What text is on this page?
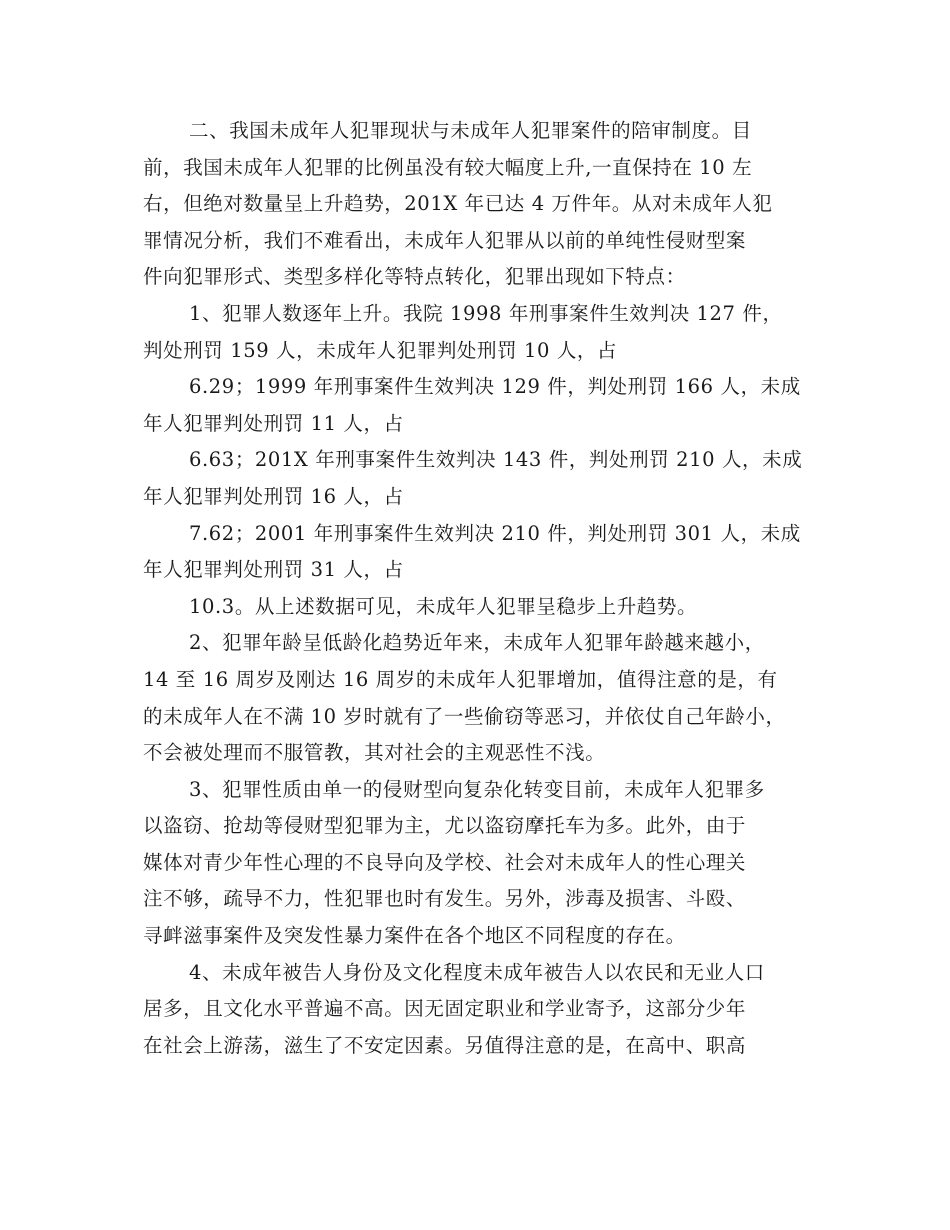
二、我国未成年人犯罪现状与未成年人犯罪案件的陪审制度。目
前，我国未成年人犯罪的比例虽没有较大幅度上升,一直保持在 10 左
右，但绝对数量呈上升趋势，201X 年已达 4 万件年。从对未成年人犯
罪情况分析，我们不难看出，未成年人犯罪从以前的单纯性侵财型案
件向犯罪形式、类型多样化等特点转化，犯罪出现如下特点：
1、犯罪人数逐年上升。我院 1998 年刑事案件生效判决 127 件，
判处刑罚 159 人，未成年人犯罪判处刑罚 10 人，占
6.29；1999 年刑事案件生效判决 129 件，判处刑罚 166 人，未成
年人犯罪判处刑罚 11 人，占
6.63；201X 年刑事案件生效判决 143 件，判处刑罚 210 人，未成
年人犯罪判处刑罚 16 人，占
7.62；2001 年刑事案件生效判决 210 件，判处刑罚 301 人，未成
年人犯罪判处刑罚 31 人，占
10.3。从上述数据可见，未成年人犯罪呈稳步上升趋势。
2、犯罪年龄呈低龄化趋势近年来，未成年人犯罪年龄越来越小，
14 至 16 周岁及刚达 16 周岁的未成年人犯罪增加，值得注意的是，有
的未成年人在不满 10 岁时就有了一些偷窃等恶习，并依仗自己年龄小，
不会被处理而不服管教，其对社会的主观恶性不浅。
3、犯罪性质由单一的侵财型向复杂化转变目前，未成年人犯罪多
以盗窃、抢劫等侵财型犯罪为主，尤以盗窃摩托车为多。此外，由于
媒体对青少年性心理的不良导向及学校、社会对未成年人的性心理关
注不够，疏导不力，性犯罪也时有发生。另外，涉毒及损害、斗殴、
寻衅滋事案件及突发性暴力案件在各个地区不同程度的存在。
4、未成年被告人身份及文化程度未成年被告人以农民和无业人口
居多，且文化水平普遍不高。因无固定职业和学业寄予，这部分少年
在社会上游荡，滋生了不安定因素。另值得注意的是，在高中、职高
